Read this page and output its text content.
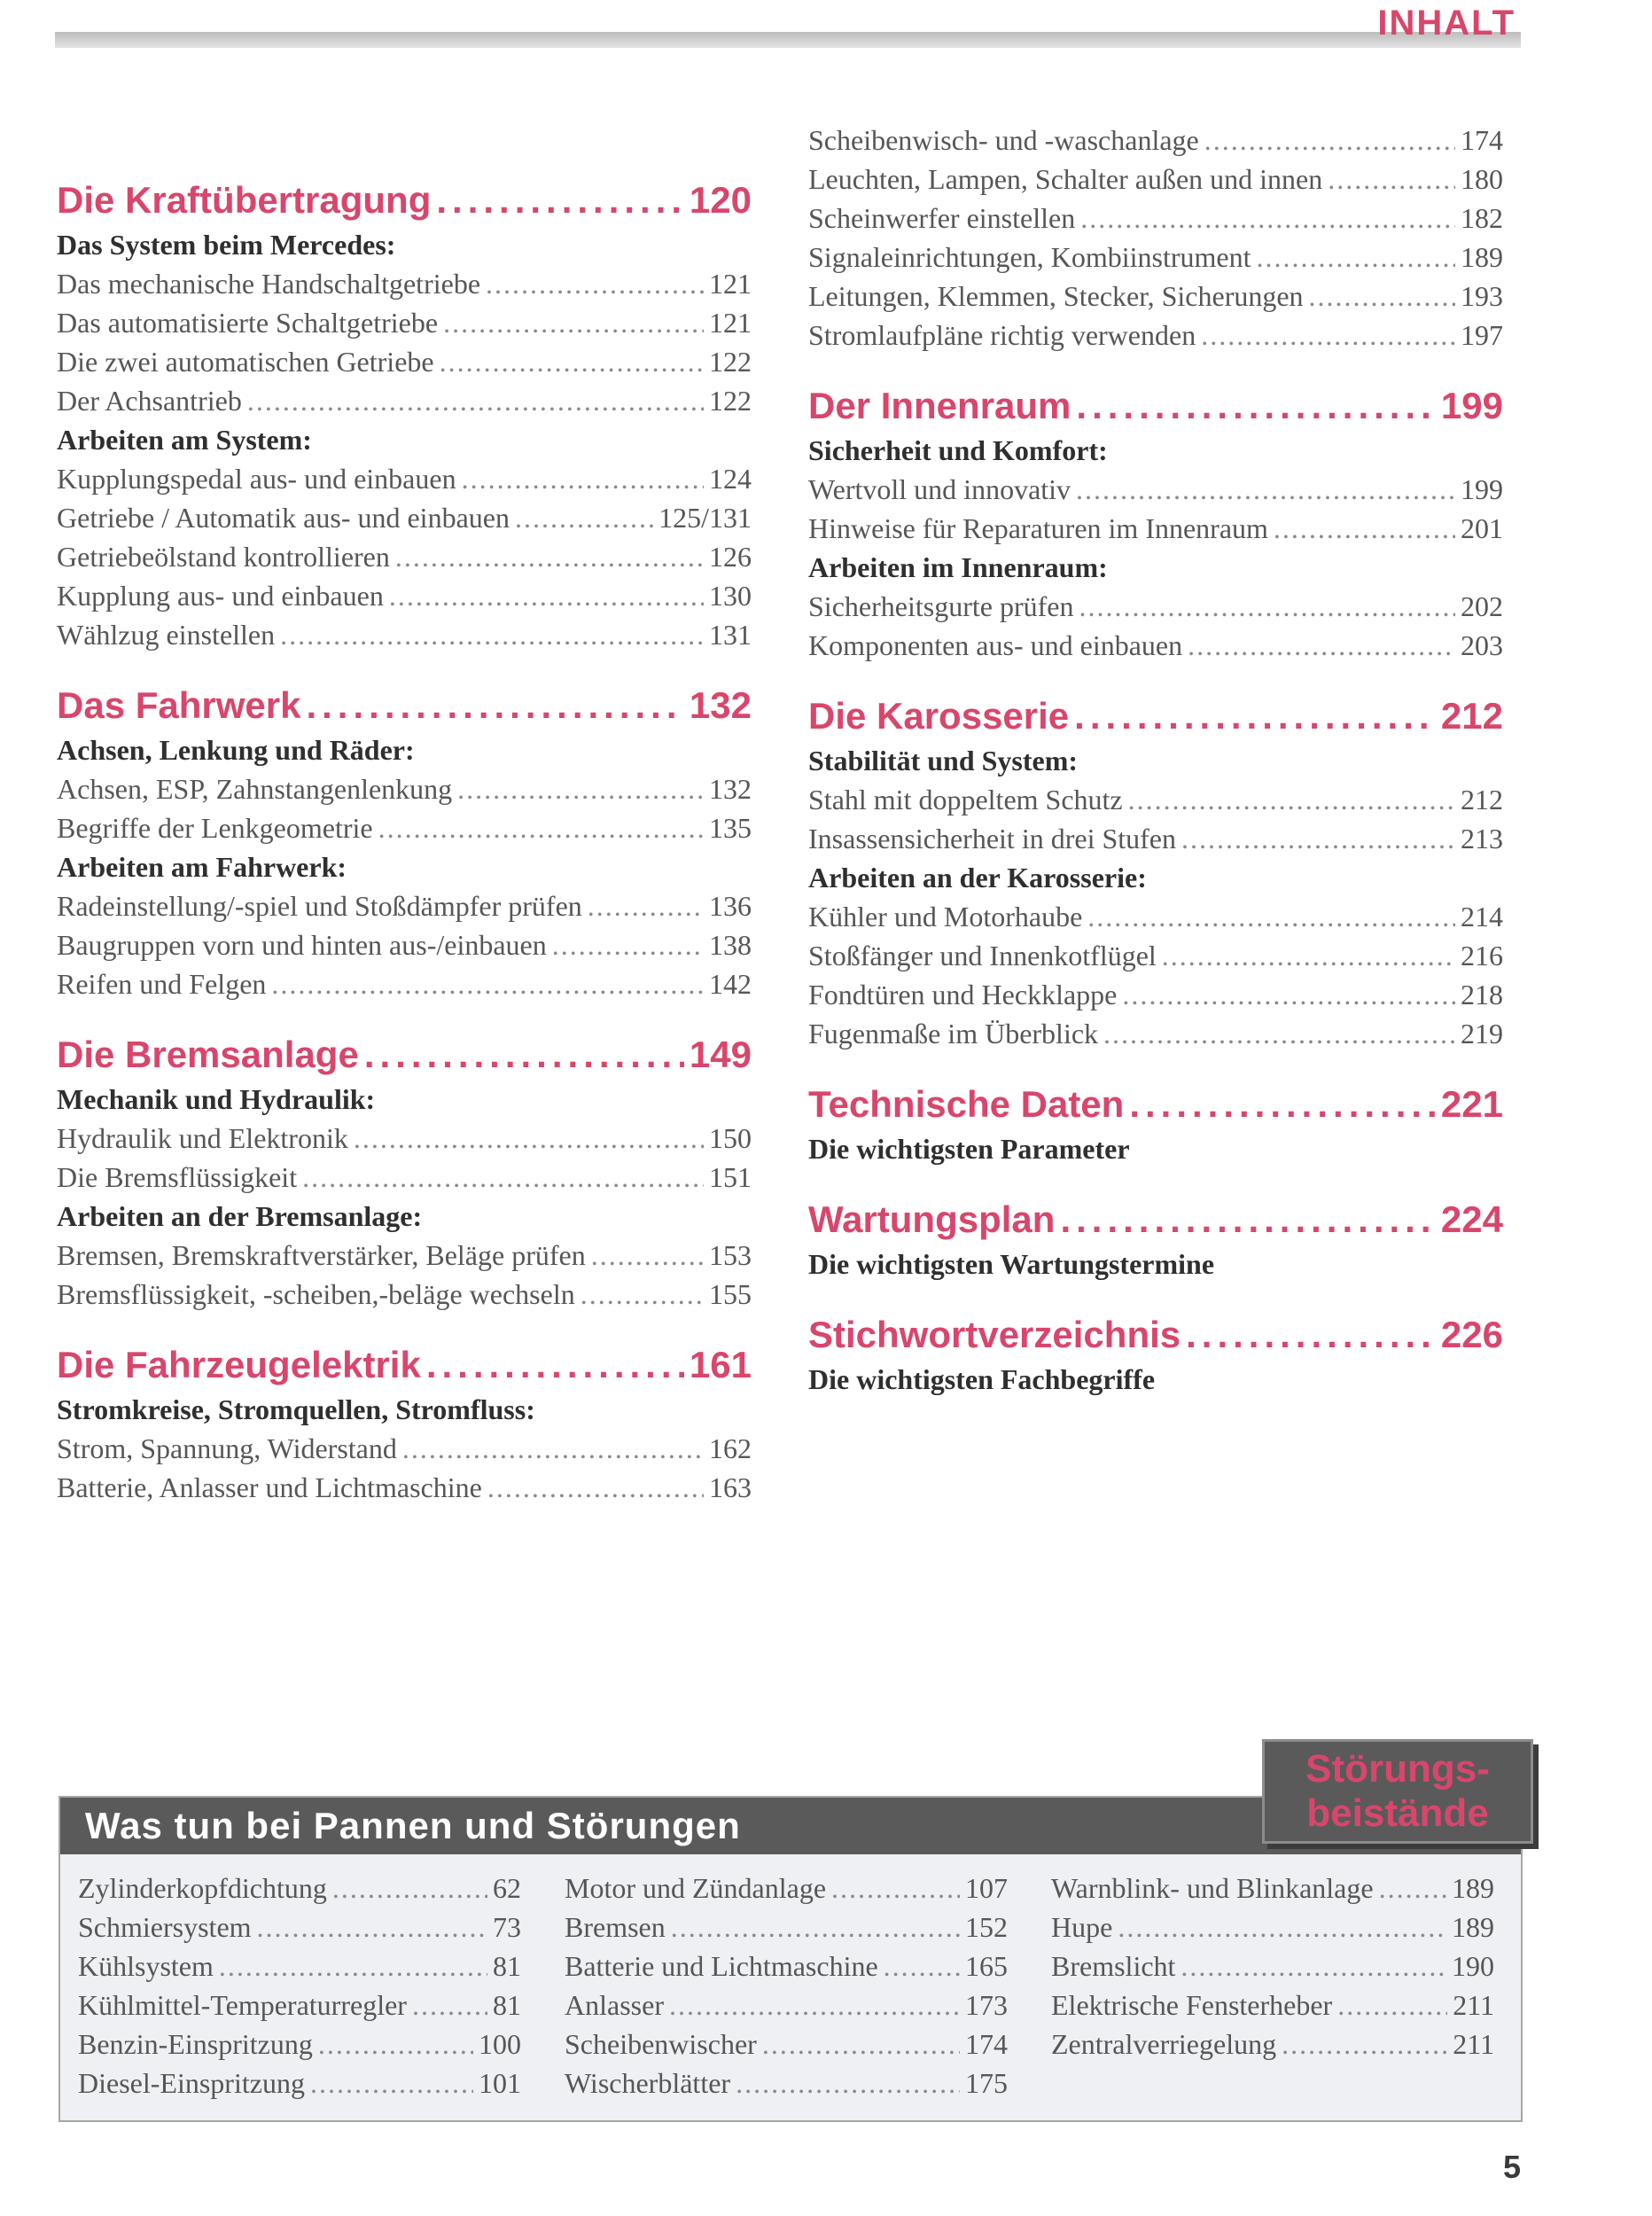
INHALT
Die Kraftübertragung .....	120
Das System beim Mercedes:
Das mechanische Handschaltgetriebe .....	121
Das automatisierte Schaltgetriebe .....	121
Die zwei automatischen Getriebe .....	122
Der Achsantrieb .....	122
Arbeiten am System:
Kupplungspedal aus- und einbauen .....	124
Getriebe / Automatik aus- und einbauen .....	125/131
Getriebeölstand kontrollieren .....	126
Kupplung aus- und einbauen .....	130
Wählzug einstellen .....	131
Das Fahrwerk .....	132
Achsen, Lenkung und Räder:
Achsen, ESP, Zahnstangenlenkung .....	132
Begriffe der Lenkgeometrie .....	135
Arbeiten am Fahrwerk:
Radeinstellung/-spiel und Stoßdämpfer prüfen .....	136
Baugruppen vorn und hinten aus-/einbauen .....	138
Reifen und Felgen .....	142
Die Bremsanlage .....	149
Mechanik und Hydraulik:
Hydraulik und Elektronik .....	150
Die Bremsflüssigkeit .....	151
Arbeiten an der Bremsanlage:
Bremsen, Bremskraftverstärker, Beläge prüfen .....	153
Bremsflüssigkeit, -scheiben,-beläge wechseln .....	155
Die Fahrzeugelektrik .....	161
Stromkreise, Stromquellen, Stromfluss:
Strom, Spannung, Widerstand .....	162
Batterie, Anlasser und Lichtmaschine .....	163
Scheibenwisch- und -waschanlage .....	174
Leuchten, Lampen, Schalter außen und innen .....	180
Scheinwerfer einstellen .....	182
Signaleinrichtungen, Kombiinstrument .....	189
Leitungen, Klemmen, Stecker, Sicherungen .....	193
Stromlaufpläne richtig verwenden .....	197
Der Innenraum .....	199
Sicherheit und Komfort:
Wertvoll und innovativ .....	199
Hinweise für Reparaturen im Innenraum .....	201
Arbeiten im Innenraum:
Sicherheitsgurte prüfen .....	202
Komponenten aus- und einbauen .....	203
Die Karosserie .....	212
Stabilität und System:
Stahl mit doppeltem Schutz .....	212
Insassensicherheit in drei Stufen .....	213
Arbeiten an der Karosserie:
Kühler und Motorhaube .....	214
Stoßfänger und Innenkotflügel .....	216
Fondtüren und Heckklappe .....	218
Fugenmaße im Überblick .....	219
Technische Daten .....	221
Die wichtigsten Parameter
Wartungsplan .....	224
Die wichtigsten Wartungstermine
Stichwortverzeichnis .....	226
Die wichtigsten Fachbegriffe
Was tun bei Pannen und Störungen
Zylinderkopfdichtung .....	62
Schmiersystem .....	73
Kühlsystem .....	81
Kühlmittel-Temperaturregler .....	81
Benzin-Einspritzung .....	100
Diesel-Einspritzung .....	101
Motor und Zündanlage .....	107
Bremsen .....	152
Batterie und Lichtmaschine .....	165
Anlasser .....	173
Scheibenwischer .....	174
Wischerblätter .....	175
Warnblink- und Blinkanlage .....	189
Hupe .....	189
Bremslicht .....	190
Elektrische Fensterheber .....	211
Zentralverriegelung .....	211
Störungs-
beistände
5
